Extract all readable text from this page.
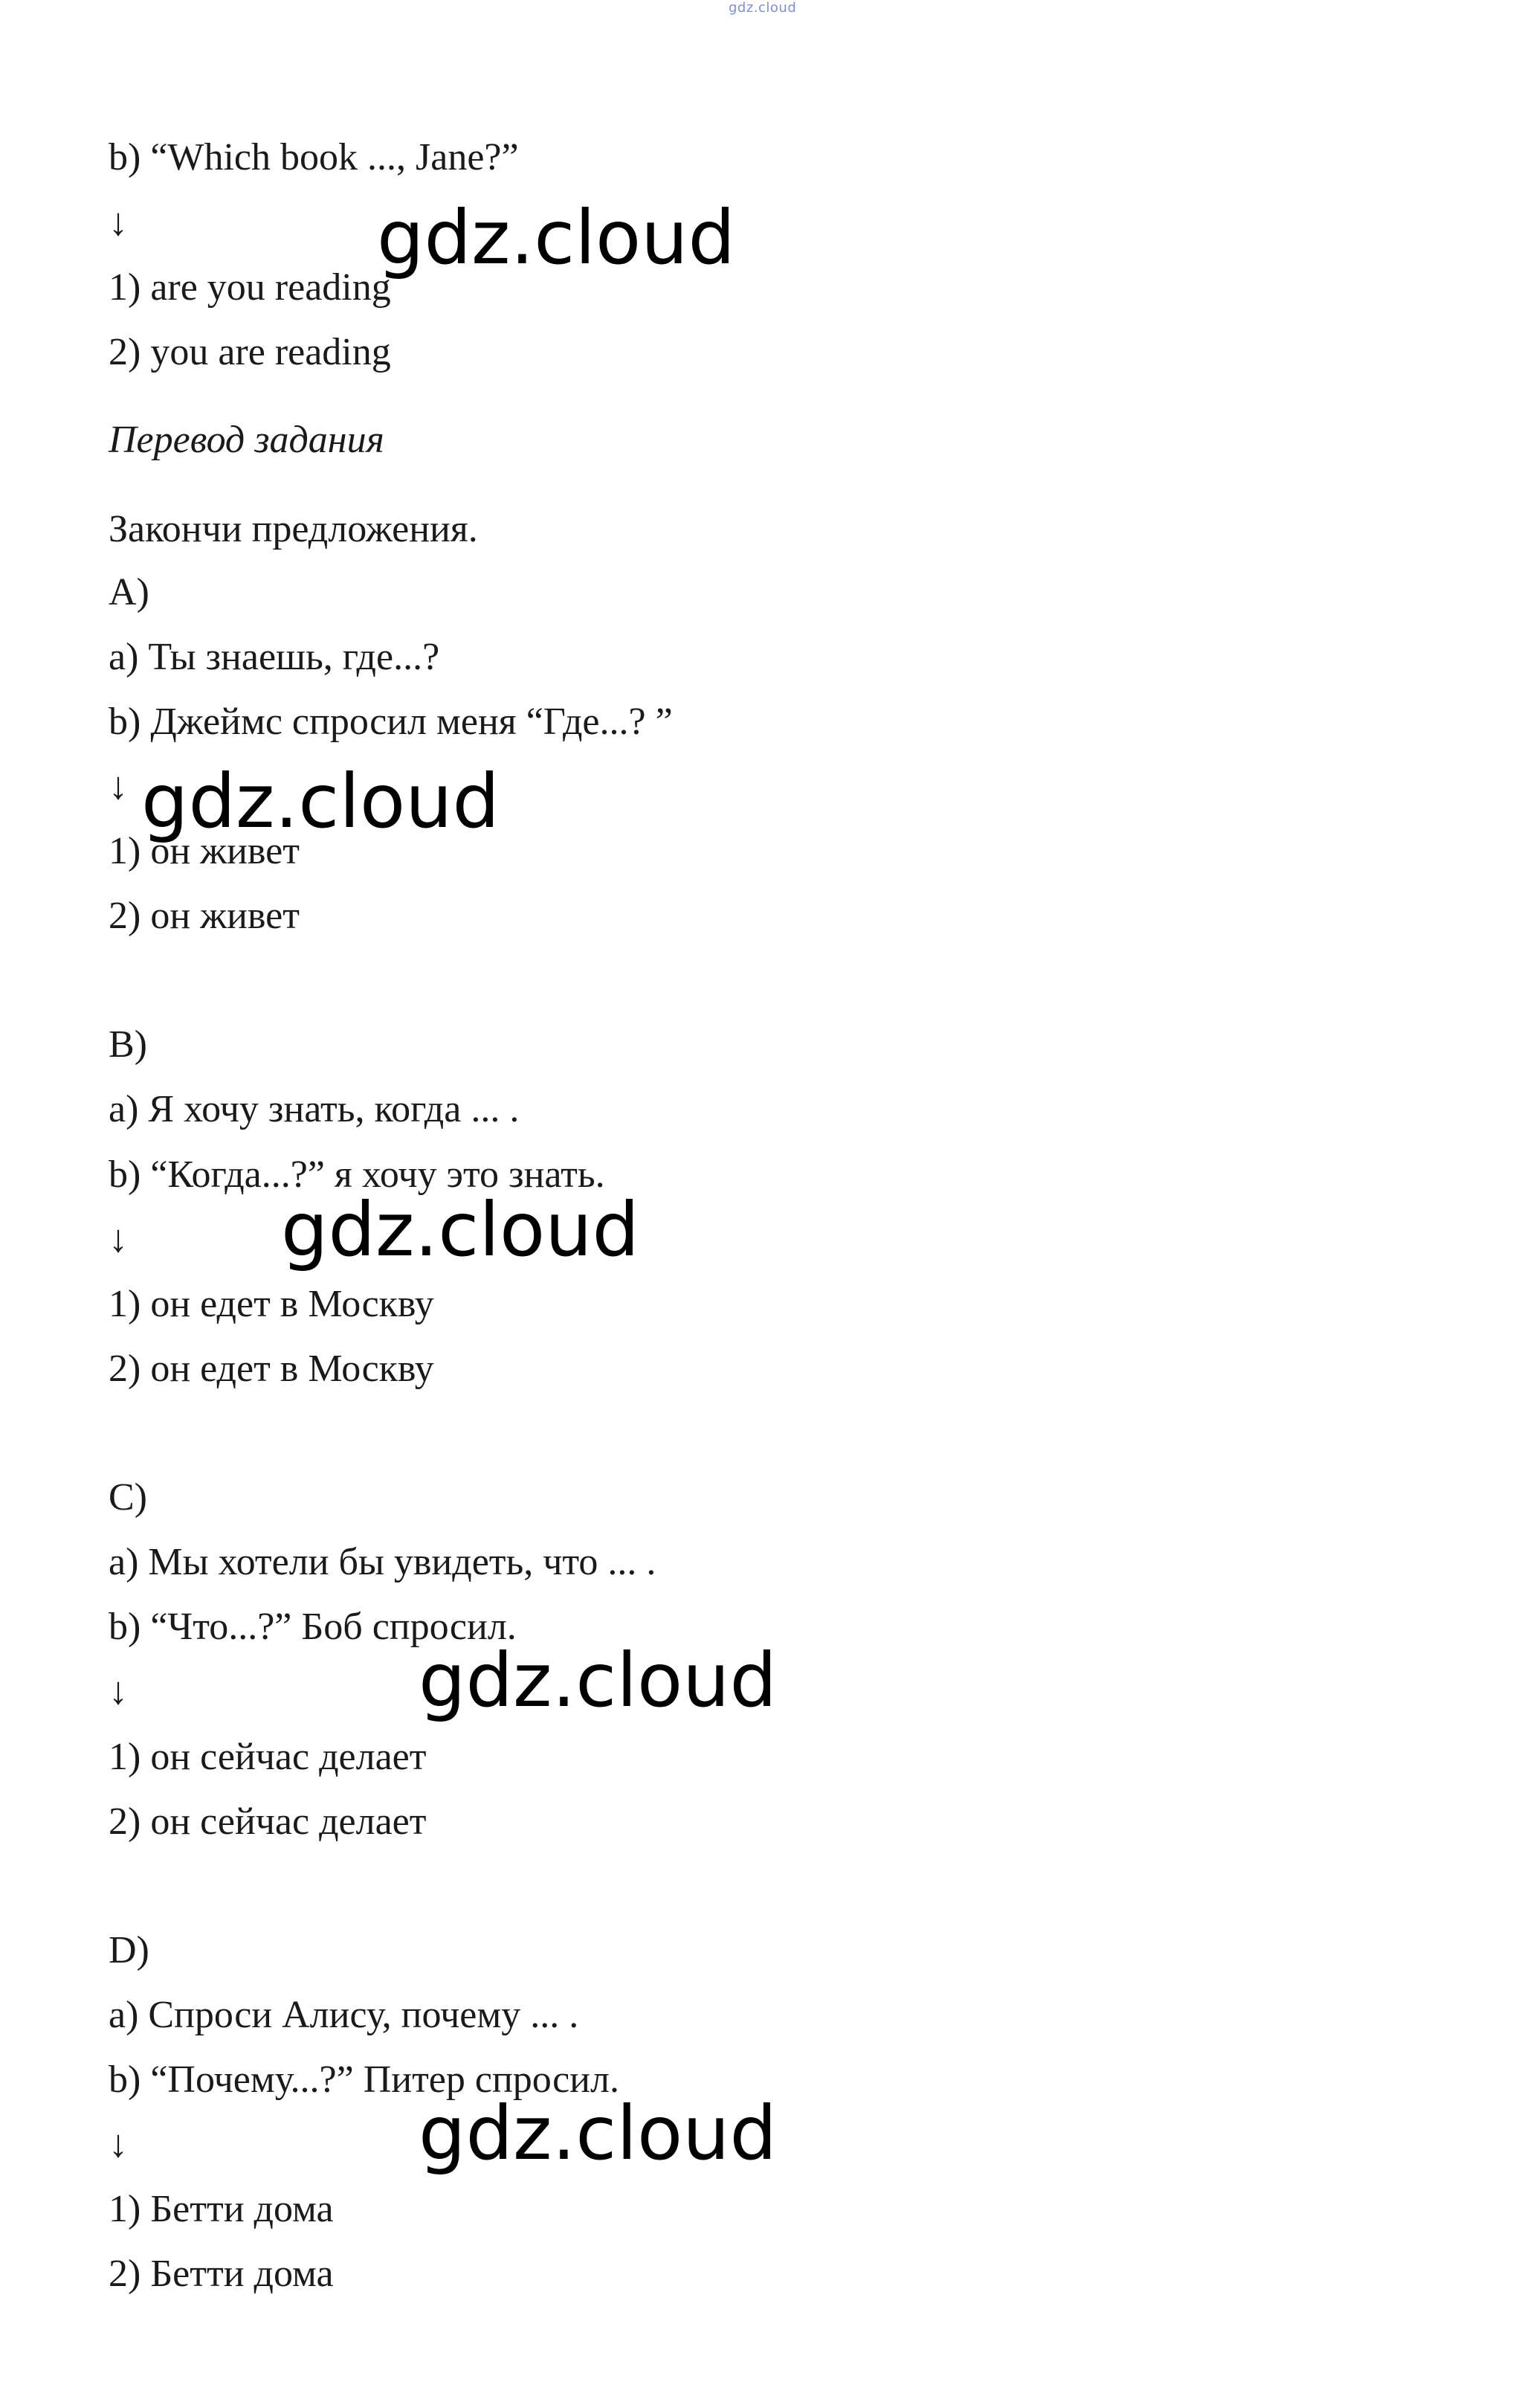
gdz.cloud
b) “Which book ..., Jane?”
↓
1) are you reading
2) you are reading
Перевод задания
Закончи предложения.
A)
a) Ты знаешь, где...?
b) Джеймс спросил меня “Где...? ”
↓
1) он живет
2) он живет
B)
a) Я хочу знать, когда ... .
b) “Когда...?” я хочу это знать.
↓
1) он едет в Москву
2) он едет в Москву
C)
a) Мы хотели бы увидеть, что ... .
b) “Что...?” Боб спросил.
↓
1) он сейчас делает
2) он сейчас делает
D)
a) Спроси Алису, почему ... .
b) “Почему...?” Питер спросил.
↓
1) Бетти дома
2) Бетти дома
gdz.cloud
gdz.cloud
gdz.cloud
gdz.cloud
gdz.cloud
